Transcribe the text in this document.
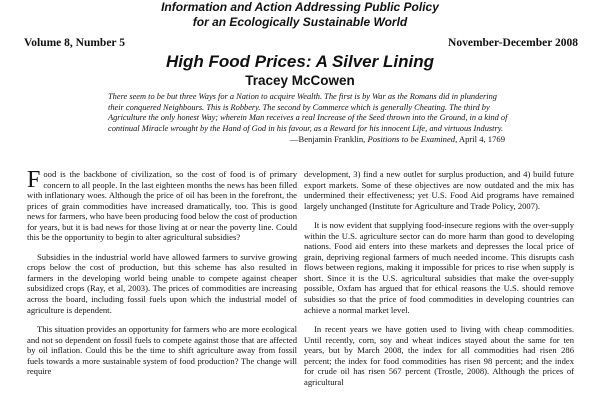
Information and Action Addressing Public Policy
for an Ecologically Sustainable World
Volume 8, Number 5	November-December 2008
High Food Prices: A Silver Lining
Tracey McCowen
There seem to be but three Ways for a Nation to acquire Wealth. The first is by War as the Romans did in plundering their conquered Neighbours. This is Robbery. The second by Commerce which is generally Cheating. The third by Agriculture the only honest Way; wherein Man receives a real Increase of the Seed thrown into the Ground, in a kind of continual Miracle wrought by the Hand of God in his favour, as a Reward for his innocent Life, and virtuous Industry.
—Benjamin Franklin, Positions to be Examined, April 4, 1769

Food is the backbone of civilization, so the cost of food is of primary concern to all people. In the last eighteen months the news has been filled with inflationary woes. Although the price of oil has been in the forefront, the prices of grain commodities have increased dramatically, too. This is good news for farmers, who have been producing food below the cost of production for years, but it is bad news for those living at or near the poverty line. Could this be the opportunity to begin to alter agricultural subsidies?

Subsidies in the industrial world have allowed farmers to survive growing crops below the cost of production, but this scheme has also resulted in farmers in the developing world being unable to compete against cheaper subsidized crops (Ray, et al, 2003). The prices of commodities are increasing across the board, including fossil fuels upon which the industrial model of agriculture is dependent.

This situation provides an opportunity for farmers who are more ecological and not so dependent on fossil fuels to compete against those that are affected by oil inflation. Could this be the time to shift agriculture away from fossil fuels towards a more sustainable system of food production? The change will require

development, 3) find a new outlet for surplus production, and 4) build future export markets. Some of these objectives are now outdated and the mix has undermined their effectiveness; yet U.S. Food Aid programs have remained largely unchanged (Institute for Agriculture and Trade Policy, 2007).

It is now evident that supplying food-insecure regions with the over-supply within the U.S. agriculture sector can do more harm than good to developing nations. Food aid enters into these markets and depresses the local price of grain, depriving regional farmers of much needed income. This disrupts cash flows between regions, making it impossible for prices to rise when supply is short. Since it is the U.S. agricultural subsidies that make the over-supply possible, Oxfam has argued that for ethical reasons the U.S. should remove subsidies so that the price of food commodities in developing countries can achieve a normal market level.

In recent years we have gotten used to living with cheap commodities. Until recently, corn, soy and wheat indices stayed about the same for ten years, but by March 2008, the index for all commodities had risen 286 percent; the index for food commodities has risen 98 percent; and the index for crude oil has risen 567 percent (Trostle, 2008). Although the prices of agricultural
